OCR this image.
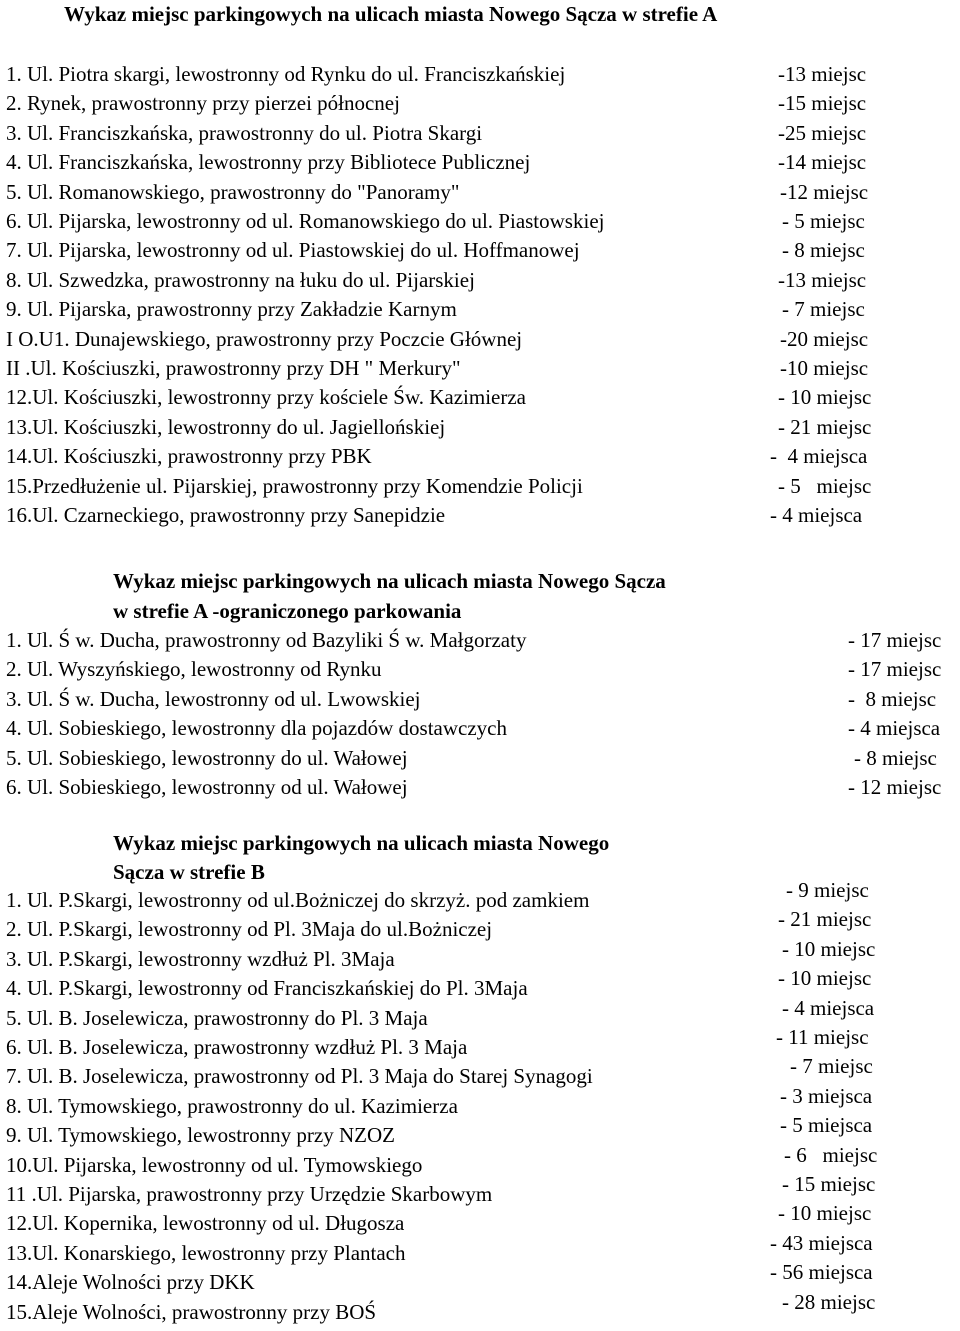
Wykaz miejsc parkingowych na ulicach miasta Nowego Sącza w strefie A
1. Ul. Piotra skargi, lewostronny od Rynku do ul. Franciszkańskiej	-13 miejsc
2. Rynek, prawostronny przy pierzei północnej	-15 miejsc
3. Ul. Franciszkańska, prawostronny do ul. Piotra Skargi	-25 miejsc
4. Ul. Franciszkańska, lewostronny przy Bibliotece Publicznej	-14 miejsc
5. Ul. Romanowskiego, prawostronny do "Panoramy"	-12 miejsc
6. Ul. Pijarska, lewostronny od ul. Romanowskiego do ul. Piastowskiej	- 5 miejsc
7. Ul. Pijarska, lewostronny od ul. Piastowskiej do ul. Hoffmanowej	- 8 miejsc
8. Ul. Szwedzka, prawostronny na łuku do ul. Pijarskiej	-13 miejsc
9. Ul. Pijarska, prawostronny przy Zakładzie Karnym	- 7 miejsc
I O.U1. Dunajewskiego, prawostronny przy Poczcie Głównej	-20 miejsc
II .Ul. Kościuszki, prawostronny przy DH " Merkury"	-10 miejsc
12.Ul. Kościuszki, lewostronny przy kościele Św. Kazimierza	- 10 miejsc
13.Ul. Kościuszki, lewostronny do ul. Jagiellońskiej	- 21 miejsc
14.Ul. Kościuszki, prawostronny przy PBK	-  4 miejsca
15.Przedłużenie ul. Pijarskiej, prawostronny przy Komendzie Policji	- 5   miejsc
16.Ul. Czarneckiego, prawostronny przy Sanepidzie	- 4 miejsca
Wykaz miejsc parkingowych na ulicach miasta Nowego Sącza
w strefie A -ograniczonego parkowania
1. Ul. Ś w. Ducha, prawostronny od Bazyliki Ś w. Małgorzaty	- 17 miejsc
2. Ul. Wyszyńskiego, lewostronny od Rynku	- 17 miejsc
3. Ul. Ś w. Ducha, lewostronny od ul. Lwowskiej	-  8 miejsc
4. Ul. Sobieskiego, lewostronny dla pojazdów dostawczych	- 4 miejsca
5. Ul. Sobieskiego, lewostronny do ul. Wałowej	- 8 miejsc
6. Ul. Sobieskiego, lewostronny od ul. Wałowej	- 12 miejsc
Wykaz miejsc parkingowych na ulicach miasta Nowego
Sącza w strefie B
1. Ul. P.Skargi, lewostronny od ul.Bożniczej do skrzyż. pod zamkiem	- 9 miejsc
2. Ul. P.Skargi, lewostronny od Pl. 3Maja do ul.Bożniczej	- 21 miejsc
3. Ul. P.Skargi, lewostronny wzdłuż Pl. 3Maja	- 10 miejsc
4. Ul. P.Skargi, lewostronny od Franciszkańskiej do Pl. 3Maja	- 10 miejsc
5. Ul. B. Joselewicza, prawostronny do Pl. 3 Maja	- 4 miejsca
6. Ul. B. Joselewicza, prawostronny wzdłuż Pl. 3 Maja	- 11 miejsc
7. Ul. B. Joselewicza, prawostronny od Pl. 3 Maja do Starej Synagogi	- 7 miejsc
8. Ul. Tymowskiego, prawostronny do ul. Kazimierza	- 3 miejsca
9. Ul. Tymowskiego, lewostronny przy NZOZ	- 5 miejsca
10.Ul. Pijarska, lewostronny od ul. Tymowskiego	- 6   miejsc
11 .Ul. Pijarska, prawostronny przy Urzędzie Skarbowym	- 15 miejsc
12.Ul. Kopernika, lewostronny od ul. Długosza	- 10 miejsc
13.Ul. Konarskiego, lewostronny przy Plantach	- 43 miejsca
14.Aleje Wolności przy DKK	- 56 miejsca
15.Aleje Wolności, prawostronny przy BOŚ	- 28 miejsc
